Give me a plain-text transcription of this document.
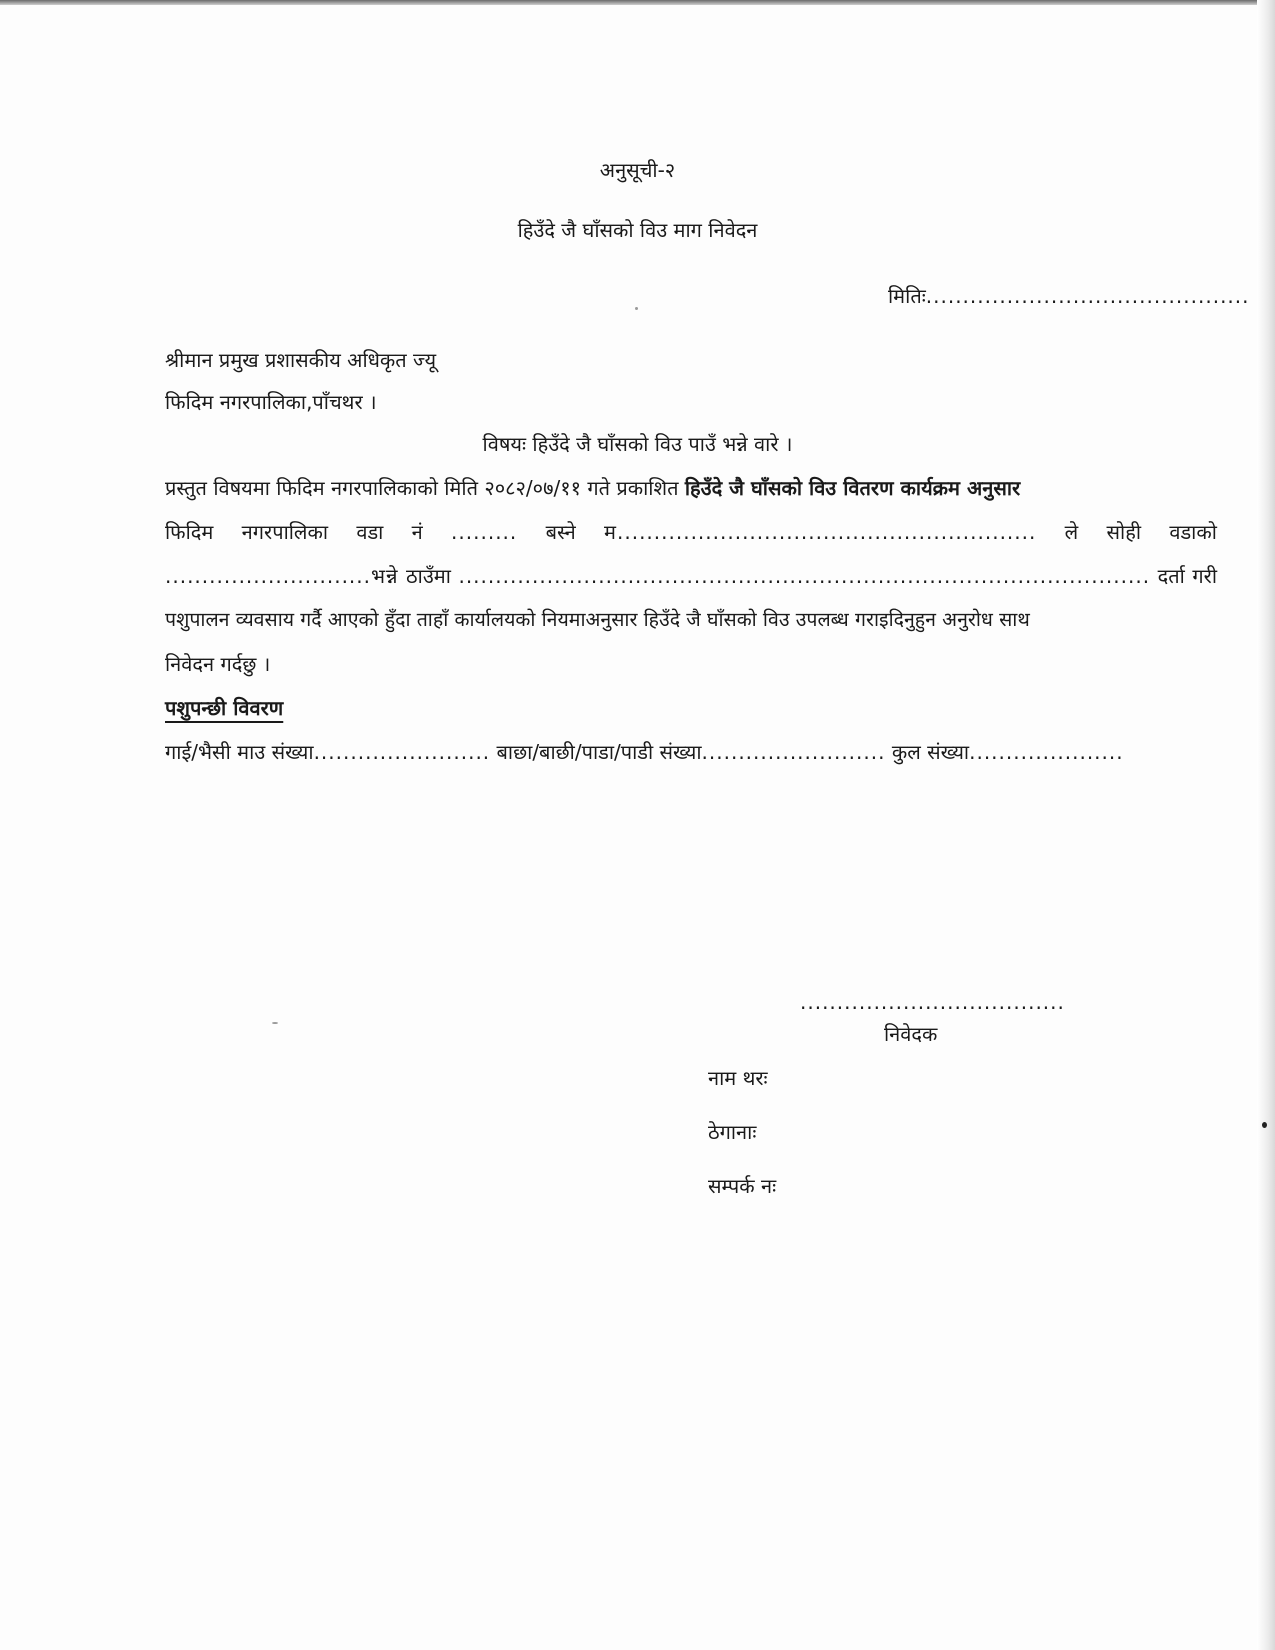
अनुसूची-२
हिउँदे जै घाँसको विउ माग निवेदन
मितिः............................................
श्रीमान प्रमुख प्रशासकीय अधिकृत ज्यू
फिदिम नगरपालिका,पाँचथर ।
विषयः हिउँदे जै घाँसको विउ पाउँ भन्ने वारे ।
प्रस्तुत विषयमा फिदिम नगरपालिकाको मिति २०८२/०७/११ गते प्रकाशित हिउँदे जै घाँसको विउ वितरण कार्यक्रम अनुसार
फिदिम नगरपालिका वडा नं ......... बस्ने म......................................................... ले सोही वडाको
............................भन्ने ठाउँमा .............................................................................................. दर्ता गरी
पशुपालन व्यवसाय गर्दै आएको हुँदा ताहाँ कार्यालयको नियमाअनुसार हिउँदे जै घाँसको विउ उपलब्ध गराइदिनुहुन अनुरोध साथ
निवेदन गर्दछु ।
पशुपन्छी विवरण
गाई/भैसी माउ संख्या........................ बाछा/बाछी/पाडा/पाडी संख्या......................... कुल संख्या.....................
....................................
निवेदक
नाम थरः
ठेगानाः
सम्पर्क नः
